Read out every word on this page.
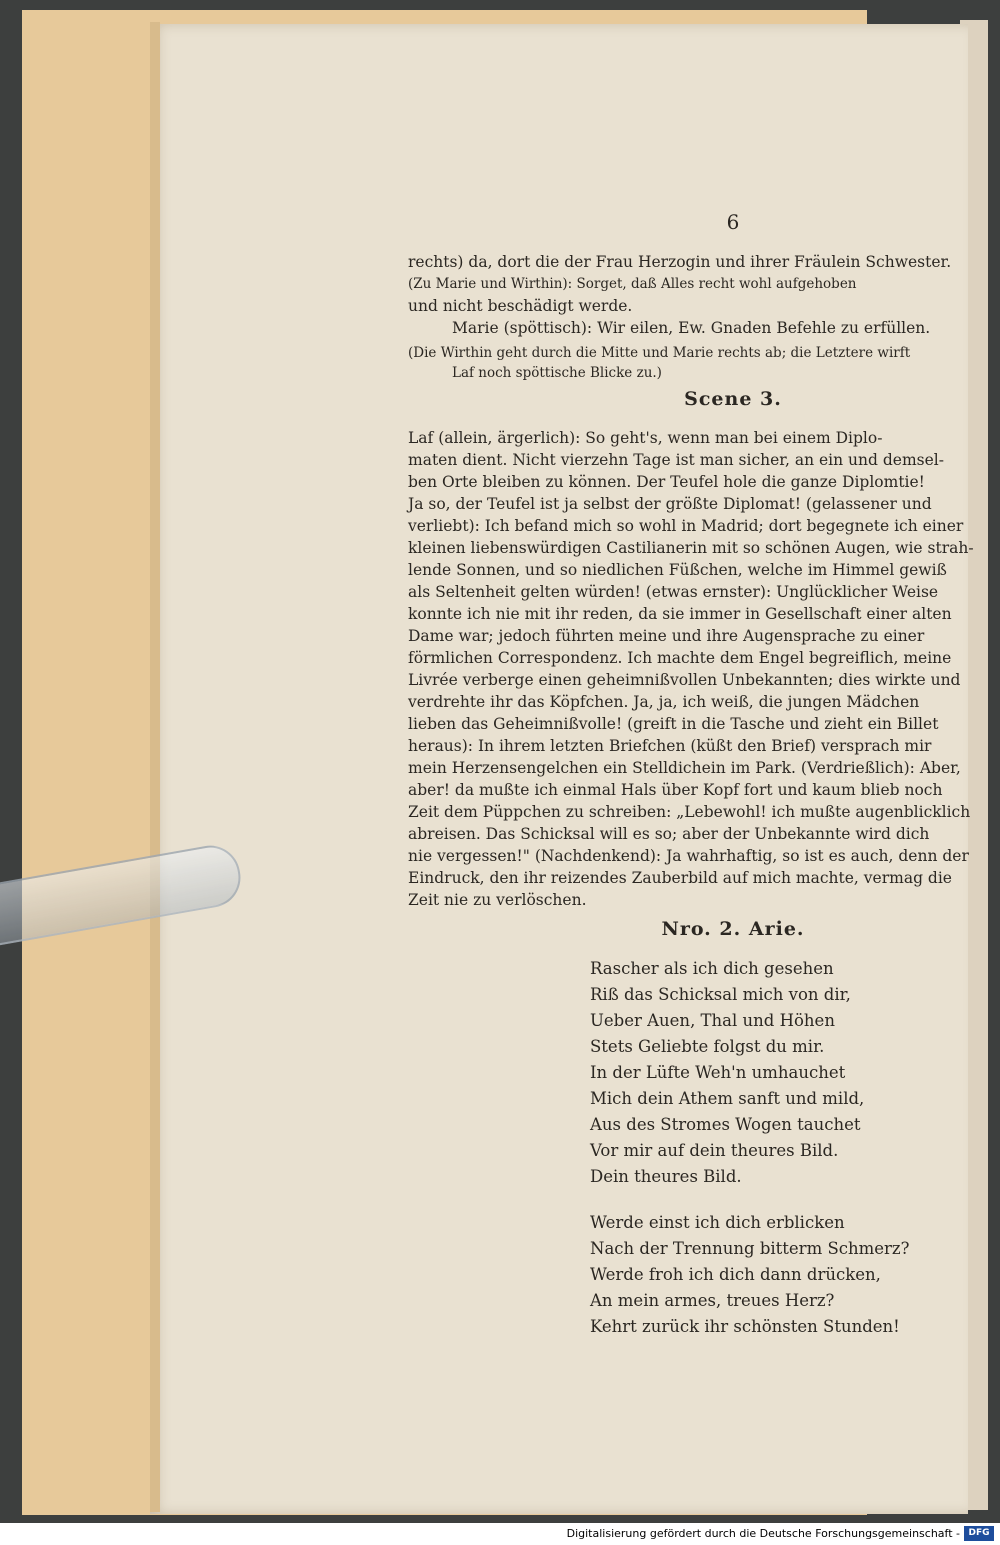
6
rechts) da, dort die der Frau Herzogin und ihrer Fräulein Schwester.
(Zu Marie und Wirthin): Sorget, daß Alles recht wohl aufgehoben
und nicht beschädigt werde.
Marie (spöttisch): Wir eilen, Ew. Gnaden Befehle zu erfüllen.
(Die Wirthin geht durch die Mitte und Marie rechts ab; die Letztere wirft
Laf noch spöttische Blicke zu.)
Scene 3.
Laf (allein, ärgerlich): So geht's, wenn man bei einem Diplo-
maten dient. Nicht vierzehn Tage ist man sicher, an ein und demsel-
ben Orte bleiben zu können. Der Teufel hole die ganze Diplomtie!
Ja so, der Teufel ist ja selbst der größte Diplomat! (gelassener und
verliebt): Ich befand mich so wohl in Madrid; dort begegnete ich einer
kleinen liebenswürdigen Castilianerin mit so schönen Augen, wie strah-
lende Sonnen, und so niedlichen Füßchen, welche im Himmel gewiß
als Seltenheit gelten würden! (etwas ernster): Unglücklicher Weise
konnte ich nie mit ihr reden, da sie immer in Gesellschaft einer alten
Dame war; jedoch führten meine und ihre Augensprache zu einer
förmlichen Correspondenz. Ich machte dem Engel begreiflich, meine
Livrée verberge einen geheimnißvollen Unbekannten; dies wirkte und
verdrehte ihr das Köpfchen. Ja, ja, ich weiß, die jungen Mädchen
lieben das Geheimnißvolle! (greift in die Tasche und zieht ein Billet
heraus): In ihrem letzten Briefchen (küßt den Brief) versprach mir
mein Herzensengelchen ein Stelldichein im Park. (Verdrießlich): Aber,
aber! da mußte ich einmal Hals über Kopf fort und kaum blieb noch
Zeit dem Püppchen zu schreiben: „Lebewohl! ich mußte augenblicklich
abreisen. Das Schicksal will es so; aber der Unbekannte wird dich
nie vergessen!" (Nachdenkend): Ja wahrhaftig, so ist es auch, denn der
Eindruck, den ihr reizendes Zauberbild auf mich machte, vermag die
Zeit nie zu verlöschen.
Nro. 2. Arie.
Rascher als ich dich gesehen
Riß das Schicksal mich von dir,
Ueber Auen, Thal und Höhen
Stets Geliebte folgst du mir.
In der Lüfte Weh'n umhauchet
Mich dein Athem sanft und mild,
Aus des Stromes Wogen tauchet
Vor mir auf dein theures Bild.
Dein theures Bild.
Werde einst ich dich erblicken
Nach der Trennung bitterm Schmerz?
Werde froh ich dich dann drücken,
An mein armes, treues Herz?
Kehrt zurück ihr schönsten Stunden!
Digitalisierung gefördert durch die Deutsche Forschungsgemeinschaft - DFG
